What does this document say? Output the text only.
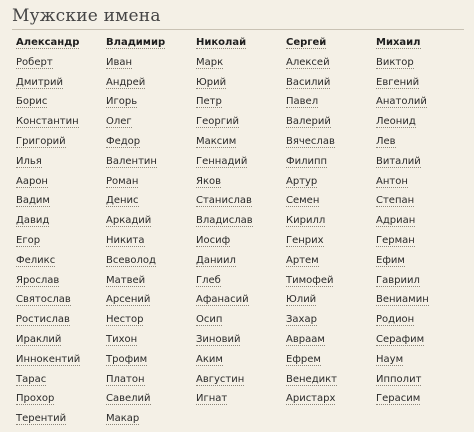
Мужские имена
Александр
Роберт
Дмитрий
Борис
Константин
Григорий
Илья
Аарон
Вадим
Давид
Егор
Феликс
Ярослав
Святослав
Ростислав
Ираклий
Иннокентий
Тарас
Прохор
Терентий
Владимир
Иван
Андрей
Игорь
Олег
Федор
Валентин
Роман
Денис
Аркадий
Никита
Всеволод
Матвей
Арсений
Нестор
Тихон
Трофим
Платон
Савелий
Макар
Николай
Марк
Юрий
Петр
Георгий
Максим
Геннадий
Яков
Станислав
Владислав
Иосиф
Даниил
Глеб
Афанасий
Осип
Зиновий
Аким
Августин
Игнат
Сергей
Алексей
Василий
Павел
Валерий
Вячеслав
Филипп
Артур
Семен
Кирилл
Генрих
Артем
Тимофей
Юлий
Захар
Авраам
Ефрем
Венедикт
Аристарх
Михаил
Виктор
Евгений
Анатолий
Леонид
Лев
Виталий
Антон
Степан
Адриан
Герман
Ефим
Гавриил
Вениамин
Родион
Серафим
Наум
Ипполит
Герасим
